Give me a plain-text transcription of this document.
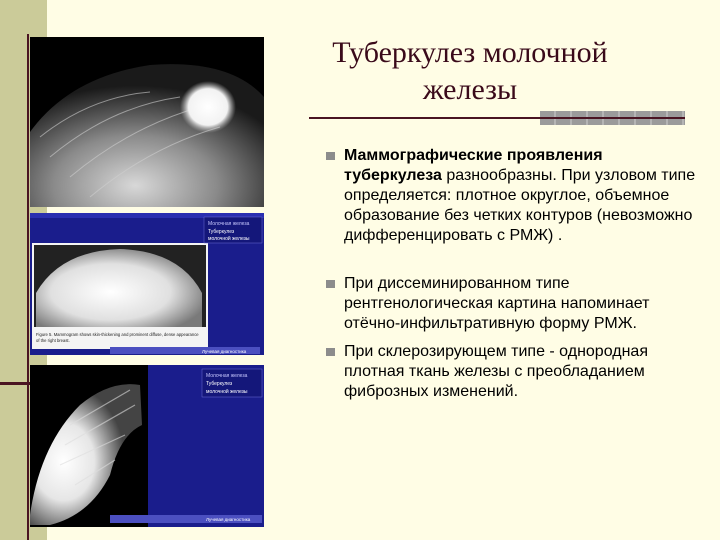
Туберкулез молочной
железы
Figure 5. Mammogram shows skin-thickening and prominent diffuse, dense appearance
of the right breast.
Молочная железа
Туберкулез
молочной железы
Лучевая диагностика
Молочная железа
Туберкулез
молочной железы
Лучевая диагностика
Маммографические проявления туберкулеза разнообразны. При узловом типе определяется: плотное округлое, объемное образование без четких контуров (невозможно дифференцировать с РМЖ) .
При диссеминированном типе рентгенологическая картина напоминает отёчно-инфильтративную форму РМЖ.
При склерозирующем типе - однородная плотная ткань железы с преобладанием фиброзных изменений.
